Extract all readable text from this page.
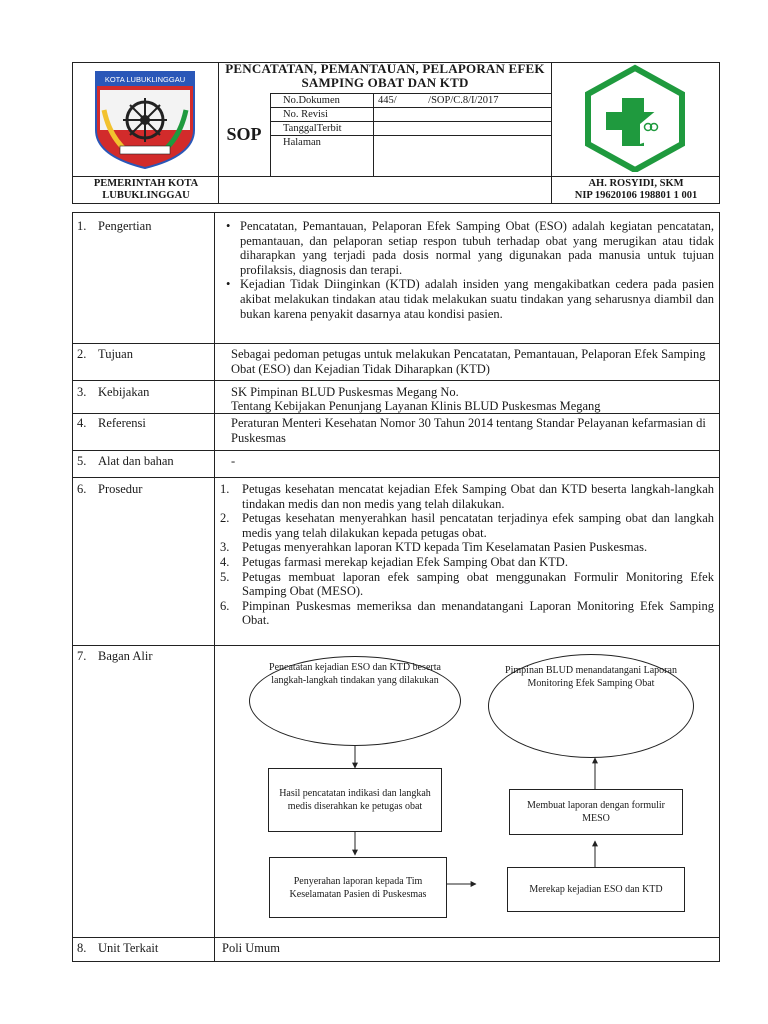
KOTA LUBUKLINGGAU
PENCATATAN, PEMANTAUAN, PELAPORAN EFEK SAMPING OBAT DAN KTD
SOP
No.Dokumen	445/            /SOP/C.8/I/2017
No. Revisi
TanggalTerbit
Halaman
PEMERINTAH KOTA LUBUKLINGGAU
AH. ROSYIDI, SKM
NIP 19620106 198801 1 001
1. Pengertian
•	Pencatatan, Pemantauan, Pelaporan Efek Samping Obat (ESO) adalah kegiatan pencatatan, pemantauan, dan pelaporan setiap respon tubuh terhadap obat yang merugikan atau tidak diharapkan yang terjadi pada dosis normal yang digunakan pada manusia untuk tujuan profilaksis, diagnosis dan terapi.
• Kejadian Tidak Diinginkan (KTD) adalah insiden yang mengakibatkan cedera pada pasien akibat melakukan tindakan atau tidak melakukan suatu tindakan yang seharusnya diambil dan bukan karena penyakit dasarnya atau kondisi pasien.
2. Tujuan	Sebagai pedoman petugas untuk melakukan Pencatatan, Pemantauan, Pelaporan Efek Samping Obat (ESO) dan Kejadian Tidak Diharapkan (KTD)
3. Kebijakan	SK Pimpinan BLUD Puskesmas Megang No.
Tentang Kebijakan Penunjang Layanan Klinis BLUD Puskesmas Megang
4. Referensi	Peraturan Menteri Kesehatan Nomor 30 Tahun 2014 tentang Standar Pelayanan kefarmasian di Puskesmas
5. Alat dan bahan	-
6. Prosedur	1. Petugas kesehatan mencatat kejadian Efek Samping Obat dan KTD beserta langkah-langkah tindakan medis dan non medis yang telah dilakukan.
2. Petugas kesehatan menyerahkan hasil pencatatan terjadinya efek samping obat dan langkah medis yang telah dilakukan kepada petugas obat.
3. Petugas menyerahkan laporan KTD kepada Tim Keselamatan Pasien Puskesmas.
4. Petugas farmasi merekap kejadian Efek Samping Obat dan KTD.
5. Petugas membuat laporan efek samping obat menggunakan Formulir Monitoring Efek Samping Obat (MESO).
6. Pimpinan Puskesmas memeriksa dan menandatangani Laporan Monitoring Efek Samping Obat.
7. Bagan Alir
Pencatatan kejadian ESO dan KTD beserta langkah-langkah tindakan yang dilakukan
Hasil pencatatan indikasi dan langkah medis diserahkan ke petugas obat
Penyerahan laporan kepada Tim Keselamatan Pasien di Puskesmas
Pimpinan BLUD menandatangani Laporan Monitoring Efek Samping Obat
Membuat laporan dengan formulir MESO
Merekap kejadian ESO dan KTD
8. Unit Terkait	Poli Umum
